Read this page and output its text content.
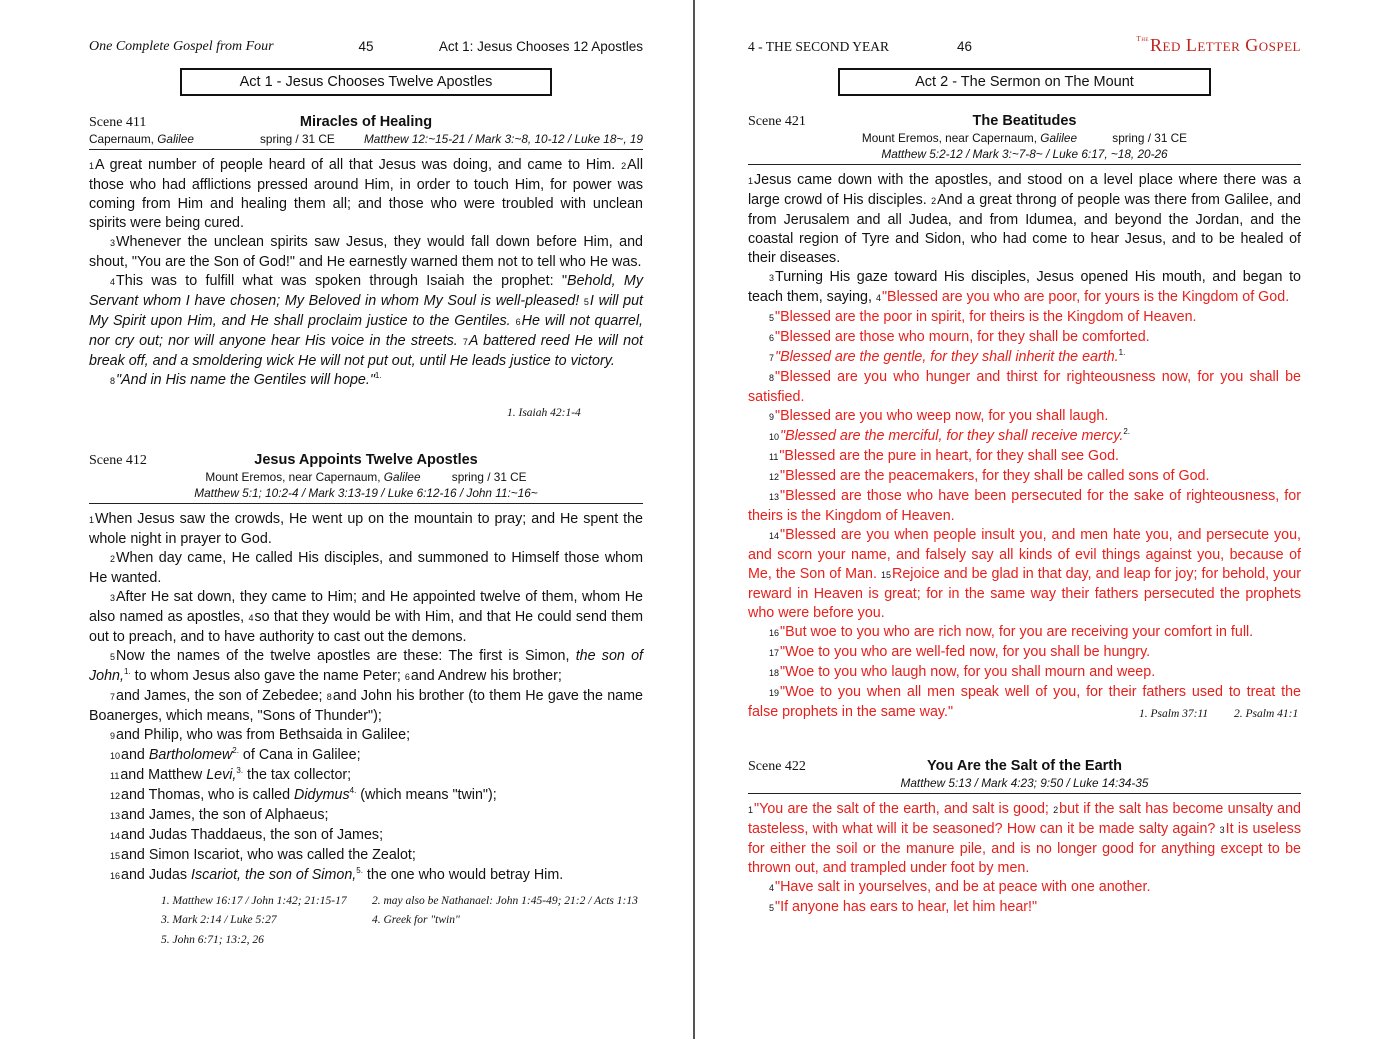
One Complete Gospel from Four	45	Act 1: Jesus Chooses 12 Apostles
Act 1 - Jesus Chooses Twelve Apostles
Scene 411	Miracles of Healing
Capernaum, Galilee	spring / 31 CE Matthew 12:~15-21 / Mark 3:~8, 10-12 / Luke 18~, 19

1A great number of people heard of all that Jesus was doing, and came to Him. 2All those who had afflictions pressed around Him, in order to touch Him, for power was coming from Him and healing them all; and those who were troubled with unclean spirits were being cured.

3Whenever the unclean spirits saw Jesus, they would fall down before Him, and shout, "You are the Son of God!" and He earnestly warned them not to tell who He was.

4This was to fulfill what was spoken through Isaiah the prophet: "Behold, My Servant whom I have chosen; My Beloved in whom My Soul is well-pleased! 5I will put My Spirit upon Him, and He shall proclaim justice to the Gentiles. 6He will not quarrel, nor cry out; nor will anyone hear His voice in the streets. 7A battered reed He will not break off, and a smoldering wick He will not put out, until He leads justice to victory.

8"And in His name the Gentiles will hope."$^{1.}$

1. Isaiah 42:1-4
Scene 412	Jesus Appoints Twelve Apostles
Mount Eremos, near Capernaum, Galilee	spring / 31 CE
Matthew 5:1; 10:2-4 / Mark 3:13-19 / Luke 6:12-16 / John 11:~16~

1When Jesus saw the crowds, He went up on the mountain to pray; and He spent the whole night in prayer to God.

2When day came, He called His disciples, and summoned to Himself those whom He wanted.

3After He sat down, they came to Him; and He appointed twelve of them, whom He also named as apostles, 4so that they would be with Him, and that He could send them out to preach, and to have authority to cast out the demons.

5Now the names of the twelve apostles are these: The first is Simon, the son of John,$^{1.}$ to whom Jesus also gave the name Peter; 6and Andrew his brother;

7and James, the son of Zebedee; 8and John his brother (to them He gave the name Boanerges, which means, "Sons of Thunder");

9and Philip, who was from Bethsaida in Galilee;

10and Bartholomew$^{2.}$ of Cana in Galilee;

11and Matthew Levi,$^{3.}$ the tax collector;

12and Thomas, who is called Didymus$^{4.}$ (which means "twin");

13and James, the son of Alphaeus;

14and Judas Thaddaeus, the son of James;

15and Simon Iscariot, who was called the Zealot;

16and Judas Iscariot, the son of Simon,$^{5.}$ the one who would betray Him.

1. Matthew 16:17 / John 1:42; 21:15-17 2. may also be Nathanael: John 1:45-49; 21:2 / Acts 1:13
3. Mark 2:14 / Luke 5:27	4. Greek for "twin"
5. John 6:71; 13:2, 26
4 - THE SECOND YEAR	46	$^{The}$Red Letter Gospel
Act 2 - The Sermon on The Mount
Scene 421	The Beatitudes
Mount Eremos, near Capernaum, Galilee	spring / 31 CE
Matthew 5:2-12 / Mark 3:~7-8~ / Luke 6:17, ~18, 20-26

1Jesus came down with the apostles, and stood on a level place where there was a large crowd of His disciples. 2And a great throng of people was there from Galilee, and from Jerusalem and all Judea, and from Idumea, and beyond the Jordan, and the coastal region of Tyre and Sidon, who had come to hear Jesus, and to be healed of their diseases.

3Turning His gaze toward His disciples, Jesus opened His mouth, and began to teach them, saying, 4"Blessed are you who are poor, for yours is the Kingdom of God.

5"Blessed are the poor in spirit, for theirs is the Kingdom of Heaven.

6"Blessed are those who mourn, for they shall be comforted.

7"Blessed are the gentle, for they shall inherit the earth.$^{1.}$

8"Blessed are you who hunger and thirst for righteousness now, for you shall be satisfied.

9"Blessed are you who weep now, for you shall laugh.

10"Blessed are the merciful, for they shall receive mercy.$^{2.}$

11"Blessed are the pure in heart, for they shall see God.

12"Blessed are the peacemakers, for they shall be called sons of God.

13"Blessed are those who have been persecuted for the sake of righteousness, for theirs is the Kingdom of Heaven.

14"Blessed are you when people insult you, and men hate you, and persecute you, and scorn your name, and falsely say all kinds of evil things against you, because of Me, the Son of Man. 15Rejoice and be glad in that day, and leap for joy; for behold, your reward in Heaven is great; for in the same way their fathers persecuted the prophets who were before you.

16"But woe to you who are rich now, for you are receiving your comfort in full.

17"Woe to you who are well-fed now, for you shall be hungry.

18"Woe to you who laugh now, for you shall mourn and weep.

19"Woe to you when all men speak well of you, for their fathers used to treat the false prophets in the same way."	1. Psalm 37:11 2. Psalm 41:1
Scene 422	You Are the Salt of the Earth
Matthew 5:13 / Mark 4:23; 9:50 / Luke 14:34-35

1"You are the salt of the earth, and salt is good; 2but if the salt has become unsalty and tasteless, with what will it be seasoned? How can it be made salty again? 3It is useless for either the soil or the manure pile, and is no longer good for anything except to be thrown out, and trampled under foot by men.

4"Have salt in yourselves, and be at peace with one another.

5"If anyone has ears to hear, let him hear!"
